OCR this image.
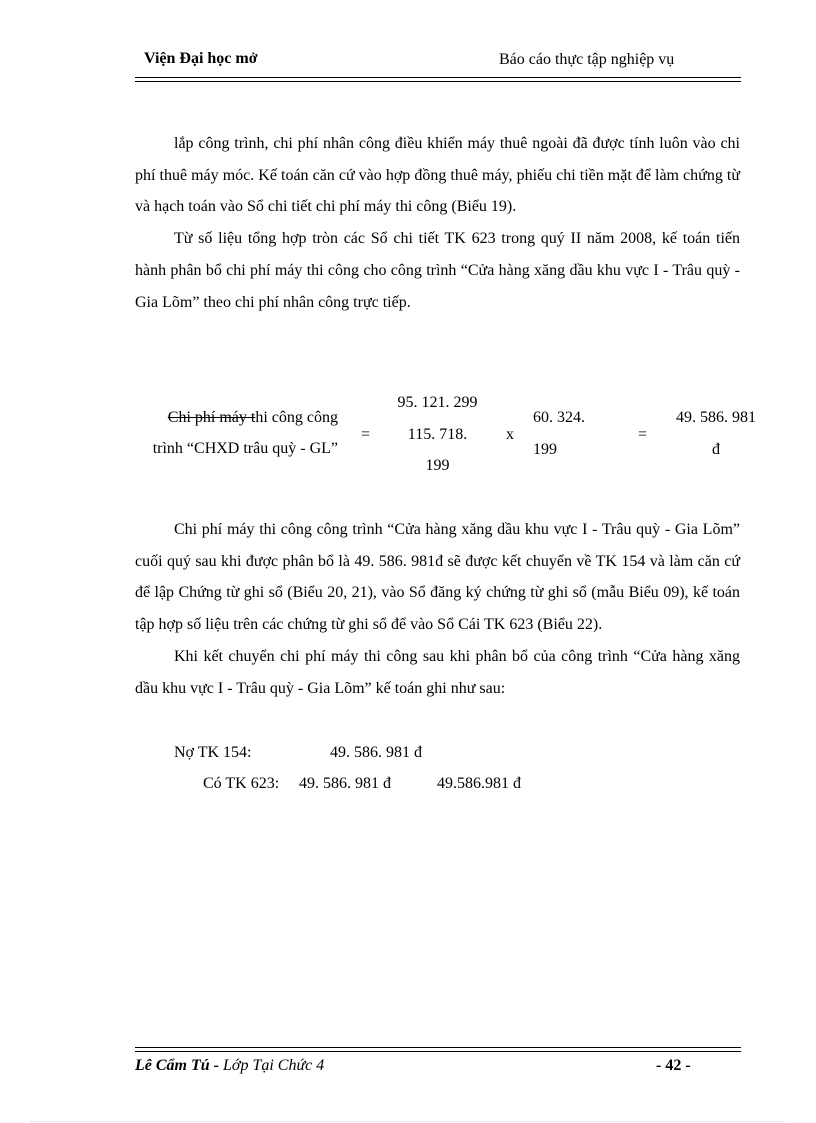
Viện Đại học mở	Báo cáo thực tập nghiệp vụ

lắp công trình, chi phí nhân công điều khiển máy thuê ngoài đã được tính luôn vào chi phí thuê máy móc. Kế toán căn cứ vào hợp đồng thuê máy, phiếu chi tiền mặt để làm chứng từ và hạch toán vào Sổ chi tiết chi phí máy thi công (Biểu 19).

Từ số liệu tổng hợp tròn các Sổ chi tiết TK 623 trong quý II năm 2008, kế toán tiến hành phân bổ chi phí máy thi công cho công trình “Cửa hàng xăng dầu khu vực I - Trâu quỳ - Gia Lõm” theo chi phí nhân công trực tiếp.

Chi phí máy thi công công
trình “CHXD trâu quỳ - GL”
=
95. 121. 299
115. 718.
199
x
60. 324.
199
=
49. 586. 981
đ

Chi phí máy thi công công trình “Cửa hàng xăng dầu khu vực I - Trâu quỳ - Gia Lõm” cuối quý sau khi được phân bổ là 49. 586. 981đ sẽ được kết chuyển về TK 154 và làm căn cứ để lập Chứng từ ghi sổ (Biểu 20, 21), vào Sổ đăng ký chứng từ ghi sổ (mẫu Biểu 09), kế toán tập hợp số liệu trên các chứng từ ghi sổ để vào Sổ Cái TK 623 (Biểu 22).

Khi kết chuyển chi phí máy thi công sau khi phân bổ của công trình “Cửa hàng xăng dầu khu vực I - Trâu quỳ - Gia Lõm” kế toán ghi như sau:

Nợ TK 154:	49. 586. 981 đ
Có TK 623: 49. 586. 981 đ	49.586.981 đ
Lê Cẩm Tú - Lớp Tại Chức 4	- 42 -
